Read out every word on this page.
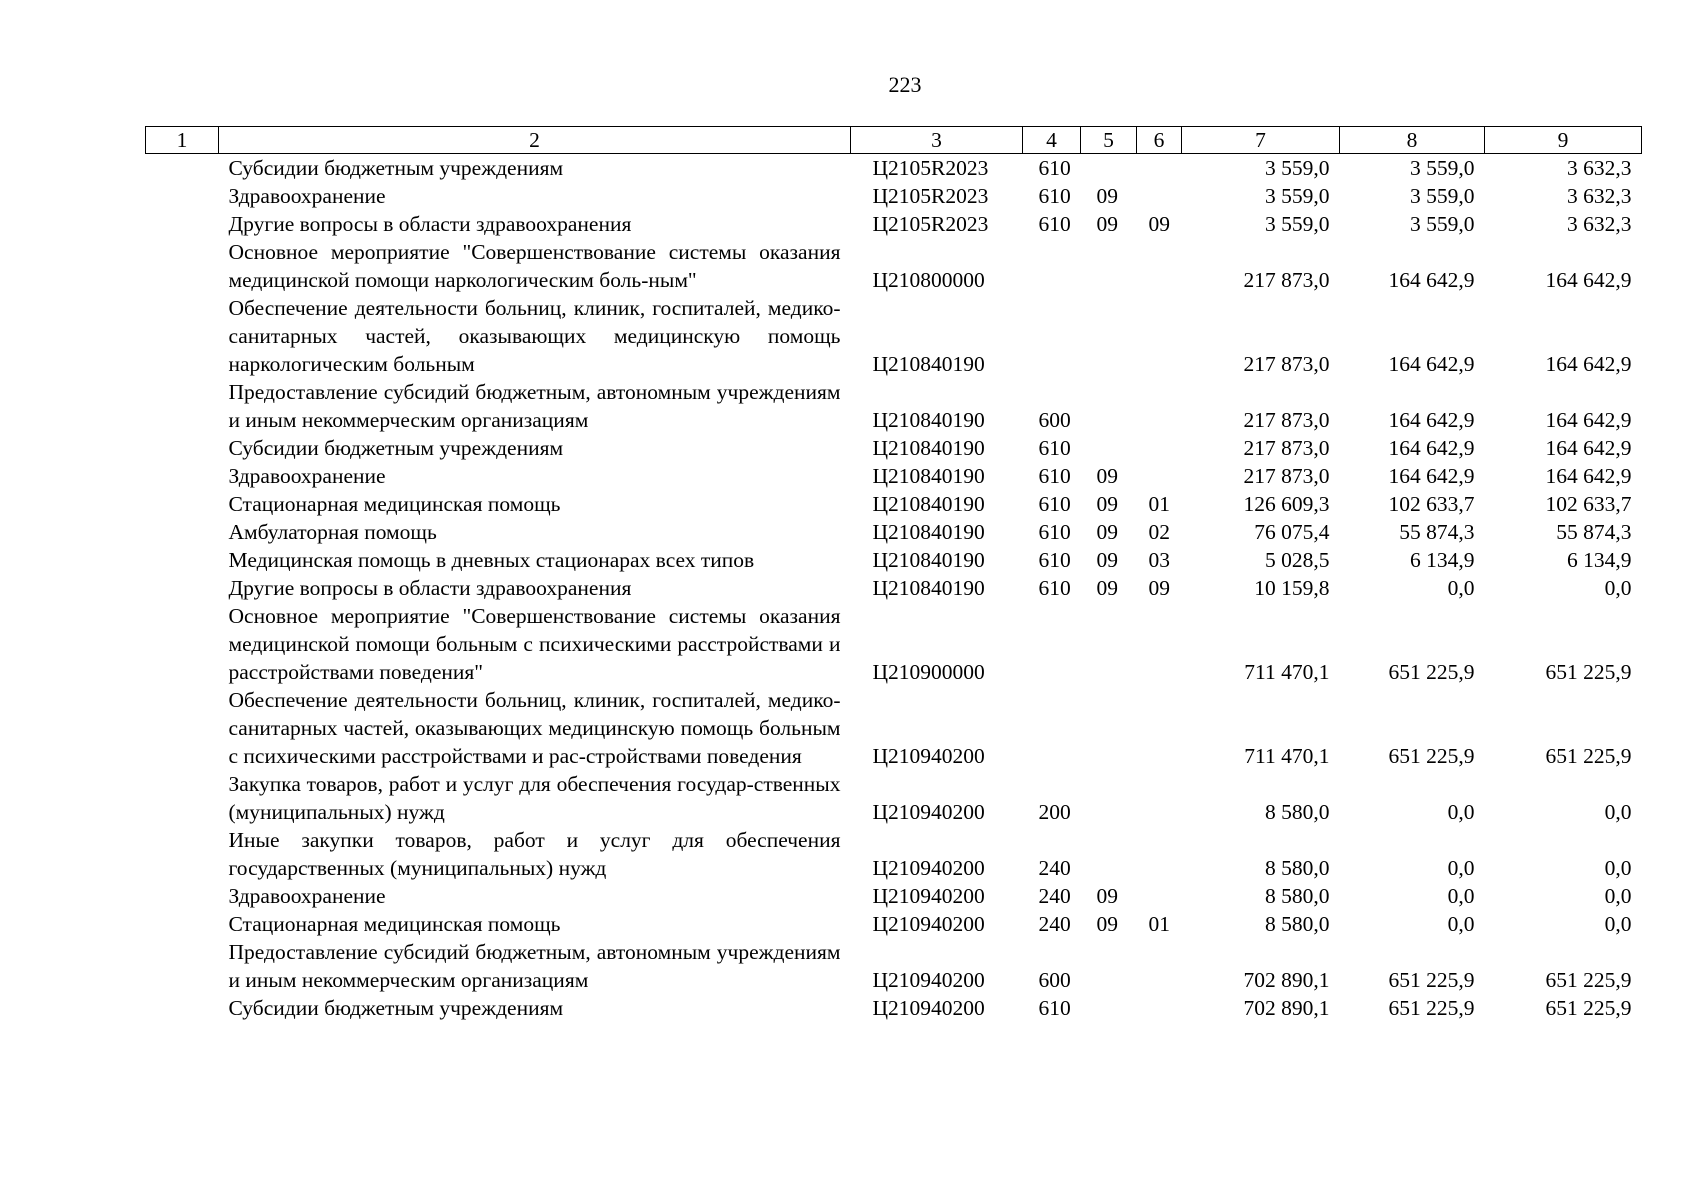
223
1	2	3	4	5	6	7	8	9
	Субсидии бюджетным учреждениям	Ц2105R2023	610			3 559,0	3 559,0	3 632,3
	Здравоохранение	Ц2105R2023	610	09		3 559,0	3 559,0	3 632,3
	Другие вопросы в области здравоохранения	Ц2105R2023	610	09	09	3 559,0	3 559,0	3 632,3
	Основное мероприятие "Совершенствование системы оказания медицинской помощи наркологическим боль-ным"	Ц210800000				217 873,0	164 642,9	164 642,9
	Обеспечение деятельности больниц, клиник, госпиталей, медико-санитарных частей, оказывающих медицинскую помощь наркологическим больным	Ц210840190				217 873,0	164 642,9	164 642,9
	Предоставление субсидий бюджетным, автономным учреждениям и иным некоммерческим организациям	Ц210840190	600			217 873,0	164 642,9	164 642,9
	Субсидии бюджетным учреждениям	Ц210840190	610			217 873,0	164 642,9	164 642,9
	Здравоохранение	Ц210840190	610	09		217 873,0	164 642,9	164 642,9
	Стационарная медицинская помощь	Ц210840190	610	09	01	126 609,3	102 633,7	102 633,7
	Амбулаторная помощь	Ц210840190	610	09	02	76 075,4	55 874,3	55 874,3
	Медицинская помощь в дневных стационарах всех типов	Ц210840190	610	09	03	5 028,5	6 134,9	6 134,9
	Другие вопросы в области здравоохранения	Ц210840190	610	09	09	10 159,8	0,0	0,0
	Основное мероприятие "Совершенствование системы оказания медицинской помощи больным с психическими расстройствами и расстройствами поведения"	Ц210900000				711 470,1	651 225,9	651 225,9
	Обеспечение деятельности больниц, клиник, госпиталей, медико-санитарных частей, оказывающих медицинскую помощь больным с психическими расстройствами и рас-стройствами поведения	Ц210940200				711 470,1	651 225,9	651 225,9
	Закупка товаров, работ и услуг для обеспечения государ-ственных (муниципальных) нужд	Ц210940200	200			8 580,0	0,0	0,0
	Иные закупки товаров, работ и услуг для обеспечения государственных (муниципальных) нужд	Ц210940200	240			8 580,0	0,0	0,0
	Здравоохранение	Ц210940200	240	09		8 580,0	0,0	0,0
	Стационарная медицинская помощь	Ц210940200	240	09	01	8 580,0	0,0	0,0
	Предоставление субсидий бюджетным, автономным учреждениям и иным некоммерческим организациям	Ц210940200	600			702 890,1	651 225,9	651 225,9
	Субсидии бюджетным учреждениям	Ц210940200	610			702 890,1	651 225,9	651 225,9
